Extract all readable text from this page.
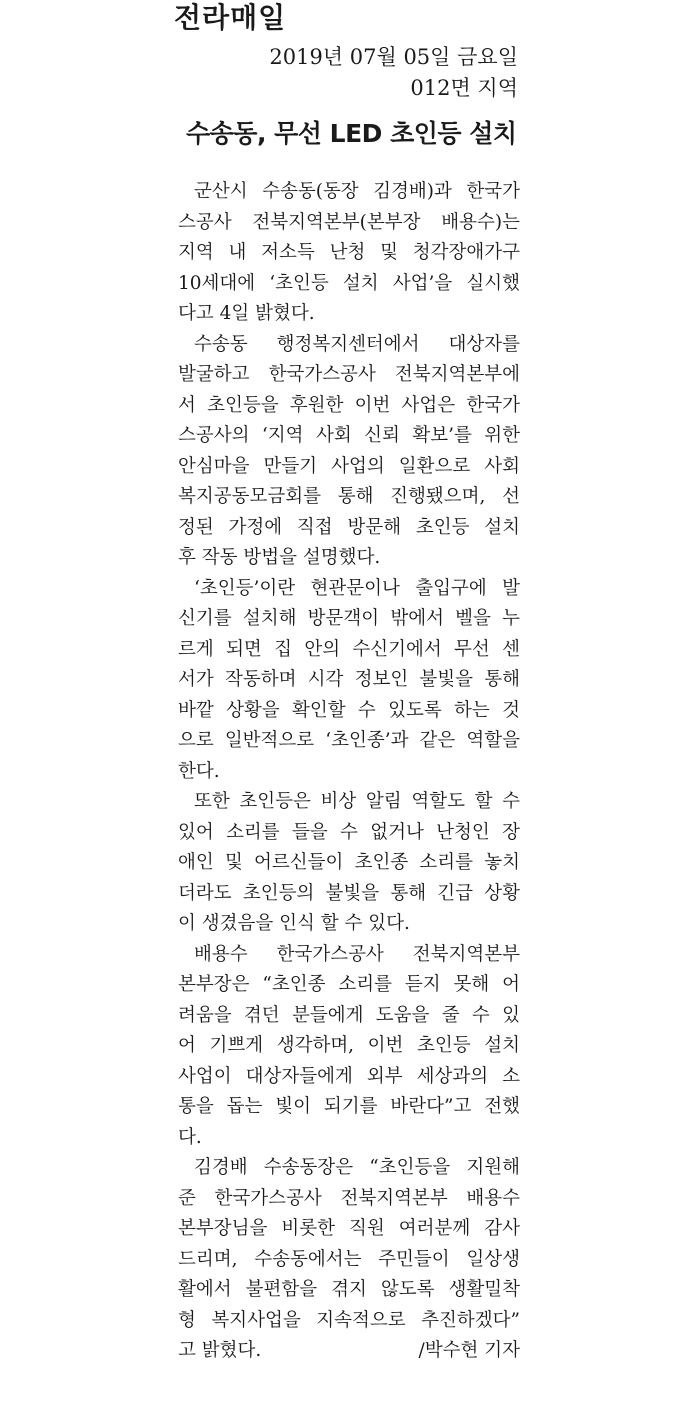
전라매일
2019년 07월 05일 금요일
012면 지역
수송동, 무선 LED 초인등 설치
군산시 수송동(동장 김경배)과 한국가
스공사 전북지역본부(본부장 배용수)는
지역 내 저소득 난청 및 청각장애가구
10세대에 ‘초인등 설치 사업’을 실시했
다고 4일 밝혔다.
수송동 행정복지센터에서 대상자를
발굴하고 한국가스공사 전북지역본부에
서 초인등을 후원한 이번 사업은 한국가
스공사의 ‘지역 사회 신뢰 확보’를 위한
안심마을 만들기 사업의 일환으로 사회
복지공동모금회를 통해 진행됐으며, 선
정된 가정에 직접 방문해 초인등 설치
후 작동 방법을 설명했다.
‘초인등’이란 현관문이나 출입구에 발
신기를 설치해 방문객이 밖에서 벨을 누
르게 되면 집 안의 수신기에서 무선 센
서가 작동하며 시각 정보인 불빛을 통해
바깥 상황을 확인할 수 있도록 하는 것
으로 일반적으로 ‘초인종’과 같은 역할을
한다.
또한 초인등은 비상 알림 역할도 할 수
있어 소리를 들을 수 없거나 난청인 장
애인 및 어르신들이 초인종 소리를 놓치
더라도 초인등의 불빛을 통해 긴급 상황
이 생겼음을 인식 할 수 있다.
배용수 한국가스공사 전북지역본부
본부장은 “초인종 소리를 듣지 못해 어
려움을 겪던 분들에게 도움을 줄 수 있
어 기쁘게 생각하며, 이번 초인등 설치
사업이 대상자들에게 외부 세상과의 소
통을 돕는 빛이 되기를 바란다”고 전했
다.
김경배 수송동장은 “초인등을 지원해
준 한국가스공사 전북지역본부 배용수
본부장님을 비롯한 직원 여러분께 감사
드리며, 수송동에서는 주민들이 일상생
활에서 불편함을 겪지 않도록 생활밀착
형 복지사업을 지속적으로 추진하겠다”
고 밝혔다.	/박수현 기자
